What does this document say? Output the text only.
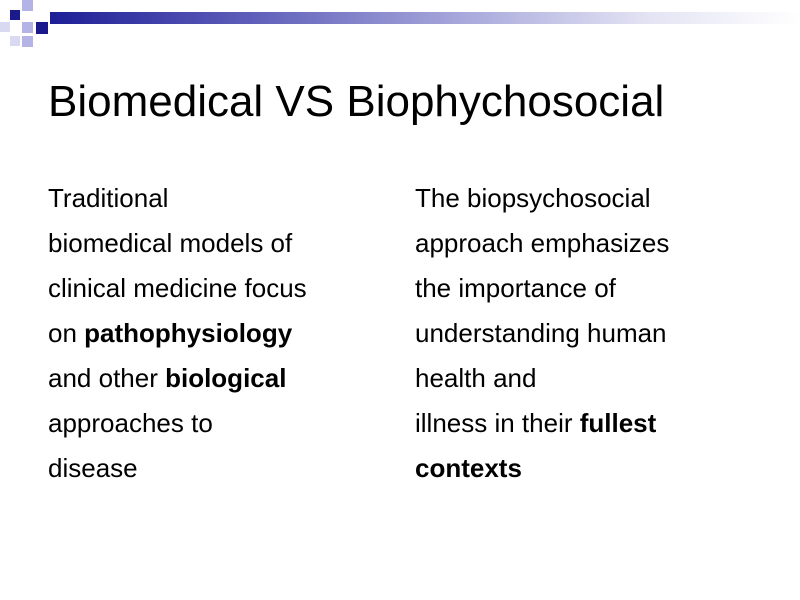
Biomedical VS Biophychosocial
Traditional
biomedical models of
clinical medicine focus
on pathophysiology
and other biological
approaches to
disease
The biopsychosocial
approach emphasizes
the importance of
understanding human
health and
illness in their fullest
contexts
